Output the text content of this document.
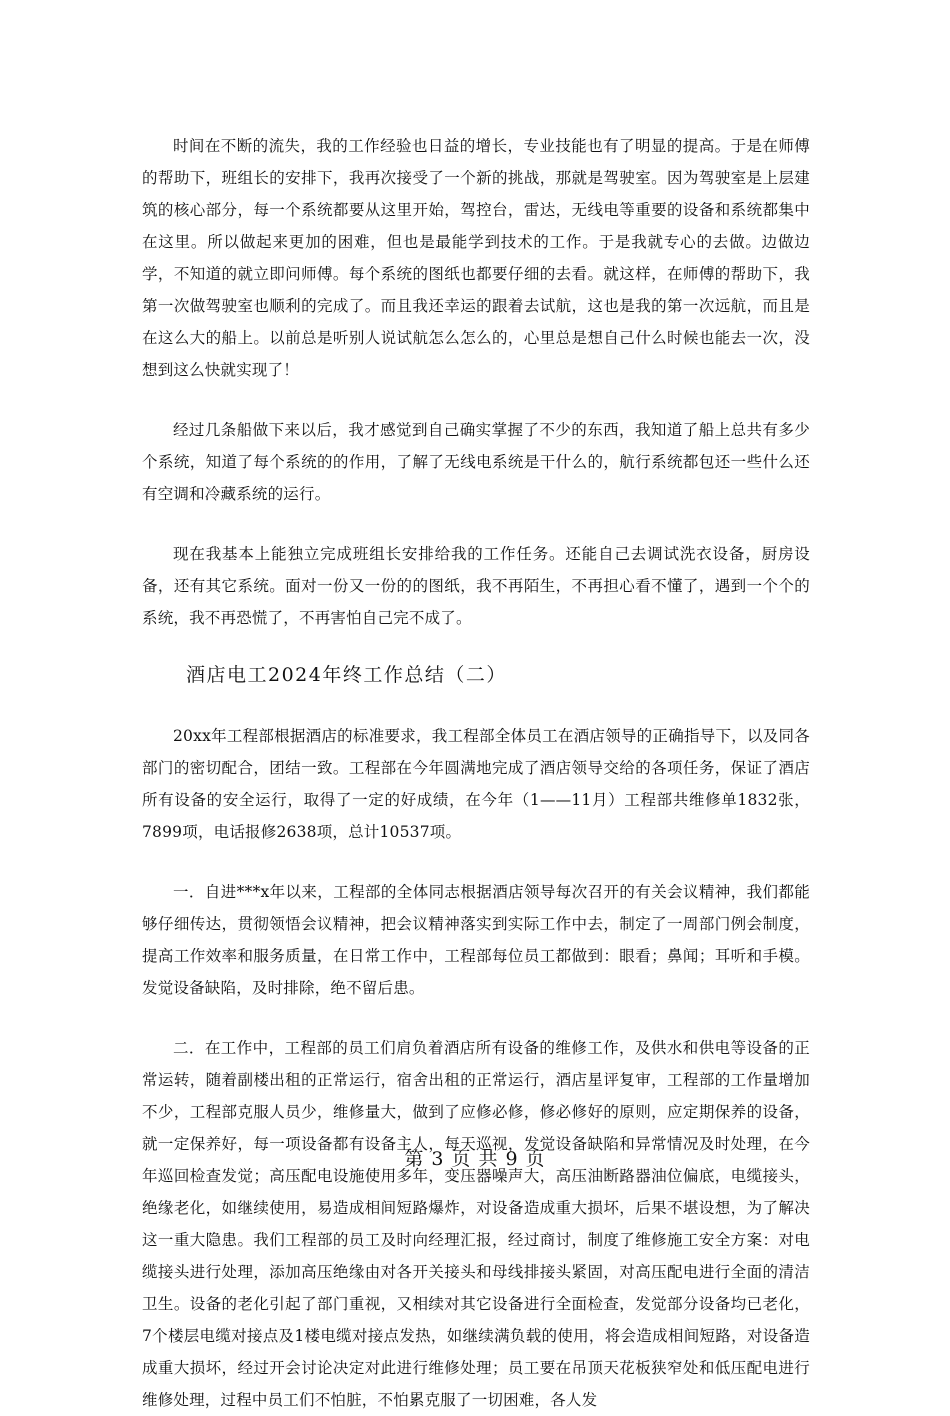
时间在不断的流失，我的工作经验也日益的增长，专业技能也有了明显的提高。于是在师傅的帮助下，班组长的安排下，我再次接受了一个新的挑战，那就是驾驶室。因为驾驶室是上层建筑的核心部分，每一个系统都要从这里开始，驾控台，雷达，无线电等重要的设备和系统都集中在这里。所以做起来更加的困难，但也是最能学到技术的工作。于是我就专心的去做。边做边学，不知道的就立即问师傅。每个系统的图纸也都要仔细的去看。就这样，在师傅的帮助下，我第一次做驾驶室也顺利的完成了。而且我还幸运的跟着去试航，这也是我的第一次远航，而且是在这么大的船上。以前总是听别人说试航怎么怎么的，心里总是想自己什么时候也能去一次，没想到这么快就实现了！

经过几条船做下来以后，我才感觉到自己确实掌握了不少的东西，我知道了船上总共有多少个系统，知道了每个系统的的作用，了解了无线电系统是干什么的，航行系统都包还一些什么还有空调和冷藏系统的运行。

现在我基本上能独立完成班组长安排给我的工作任务。还能自己去调试洗衣设备，厨房设备，还有其它系统。面对一份又一份的的图纸，我不再陌生，不再担心看不懂了，遇到一个个的系统，我不再恐慌了，不再害怕自己完不成了。

酒店电工2024年终工作总结（二）

20xx年工程部根据酒店的标准要求，我工程部全体员工在酒店领导的正确指导下，以及同各部门的密切配合，团结一致。工程部在今年圆满地完成了酒店领导交给的各项任务，保证了酒店所有设备的安全运行，取得了一定的好成绩，在今年（1——11月）工程部共维修单1832张，7899项，电话报修2638项，总计10537项。

一．自进***x年以来，工程部的全体同志根据酒店领导每次召开的有关会议精神，我们都能够仔细传达，贯彻领悟会议精神，把会议精神落实到实际工作中去，制定了一周部门例会制度，提高工作效率和服务质量，在日常工作中，工程部每位员工都做到：眼看；鼻闻；耳听和手模。发觉设备缺陷，及时排除，绝不留后患。

二．在工作中，工程部的员工们肩负着酒店所有设备的维修工作，及供水和供电等设备的正常运转，随着副楼出租的正常运行，宿舍出租的正常运行，酒店星评复审，工程部的工作量增加不少，工程部克服人员少，维修量大，做到了应修必修，修必修好的原则，应定期保养的设备，就一定保养好，每一项设备都有设备主人，每天巡视，发觉设备缺陷和异常情况及时处理，在今年巡回检查发觉；高压配电设施使用多年，变压器噪声大，高压油断路器油位偏底，电缆接头，绝缘老化，如继续使用，易造成相间短路爆炸，对设备造成重大损坏，后果不堪设想，为了解决这一重大隐患。我们工程部的员工及时向经理汇报，经过商讨，制度了维修施工安全方案：对电缆接头进行处理，添加高压绝缘由对各开关接头和母线排接头紧固，对高压配电进行全面的清洁卫生。设备的老化引起了部门重视，又相续对其它设备进行全面检查，发觉部分设备均已老化，7个楼层电缆对接点及1楼电缆对接点发热，如继续满负载的使用，将会造成相间短路，对设备造成重大损坏，经过开会讨论决定对此进行维修处理；员工要在吊顶天花板狭窄处和低压配电进行维修处理，过程中员工们不怕脏，不怕累克服了一切困难，各人发

第 3 页 共 9 页
